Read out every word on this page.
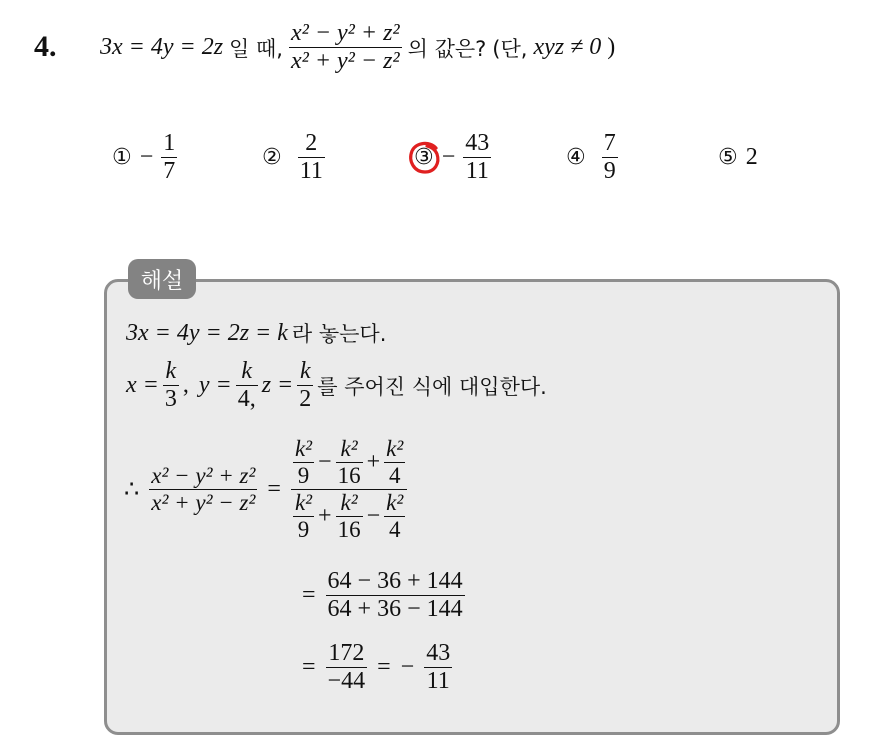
4. 3x = 4y = 2z 일 때, $\frac{\text{x² − y² + z²}}{\text{x² + y² − z²}}$ 의 값은? (단, xyz ≠ 0 )
① − $\frac{1}{7}$	② $\frac{2}{11}$	③ − $\frac{43}{11}$	④ $\frac{7}{9}$	⑤ 2
해설
3x = 4y = 2z = k 라 놓는다.
$x = \frac{k}{3}$ , $y = \frac{k}{4,}$ $z = \frac{k}{2}$ 를 주어진 식에 대입한다.
∴ $\frac{\text{x² − y² + z²}}{\text{x² + y² − z²}} = \frac{\frac{\text{k²}}{9} - \frac{\text{k²}}{16} + \frac{\text{k²}}{4}}{\frac{\text{k²}}{9} + \frac{\text{k²}}{16} - \frac{\text{k²}}{4}}$
= $\frac{64 - 36 + 144}{64 + 36 - 144}$
= $\frac{172}{-44}$ = − $\frac{43}{11}$
